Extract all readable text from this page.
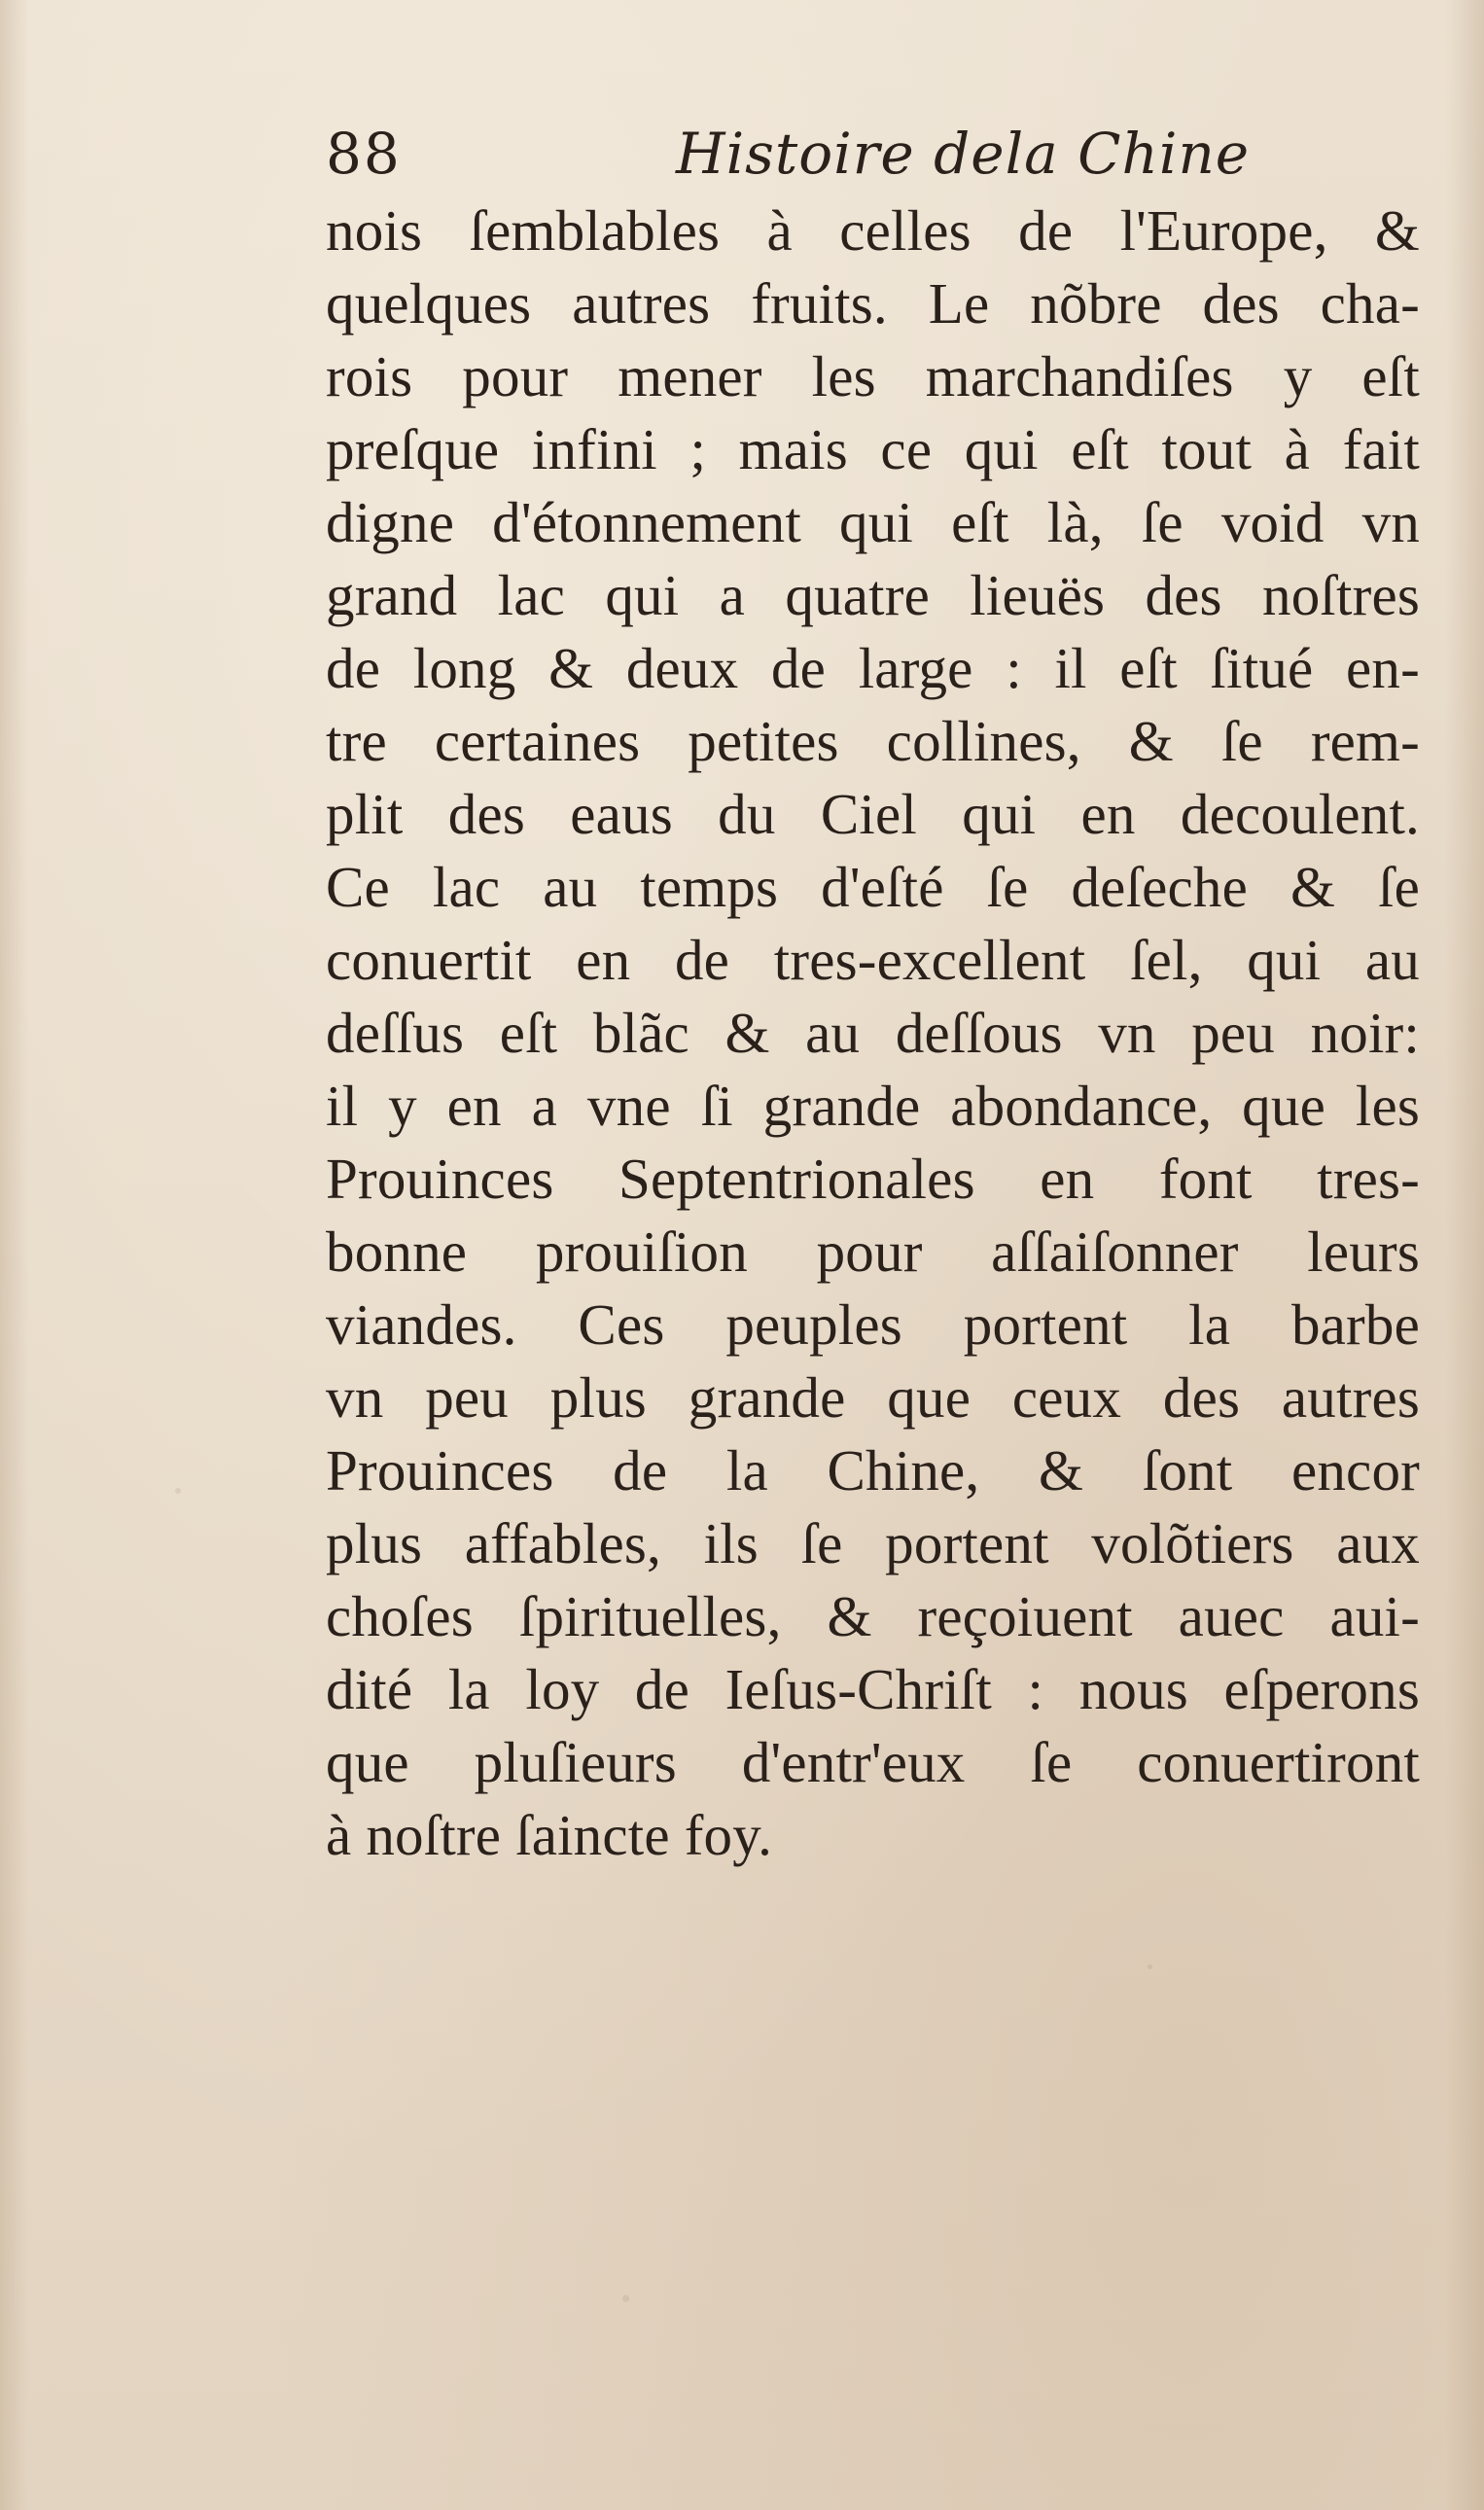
88	Histoire dela Chine
nois ſemblables à celles de l'Europe, &
quelques autres fruits. Le nõbre des cha-
rois pour mener les marchandiſes y eſt
preſque infini ; mais ce qui eſt tout à fait
digne d'étonnement qui eſt là, ſe void vn
grand lac qui a quatre lieuës des noſtres
de long & deux de large : il eſt ſitué en-
tre certaines petites collines, & ſe rem-
plit des eaus du Ciel qui en decoulent.
Ce lac au temps d'eſté ſe deſeche & ſe
conuertit en de tres-excellent ſel, qui au
deſſus eſt blãc & au deſſous vn peu noir:
il y en a vne ſi grande abondance, que les
Prouinces Septentrionales en font tres-
bonne prouiſion pour aſſaiſonner leurs
viandes. Ces peuples portent la barbe
vn peu plus grande que ceux des autres
Prouinces de la Chine, & ſont encor
plus affables, ils ſe portent volõtiers aux
choſes ſpirituelles, & reçoiuent auec aui-
dité la loy de Ieſus-Chriſt : nous eſperons
que pluſieurs d'entr'eux ſe conuertiront
à noſtre ſaincte foy.
